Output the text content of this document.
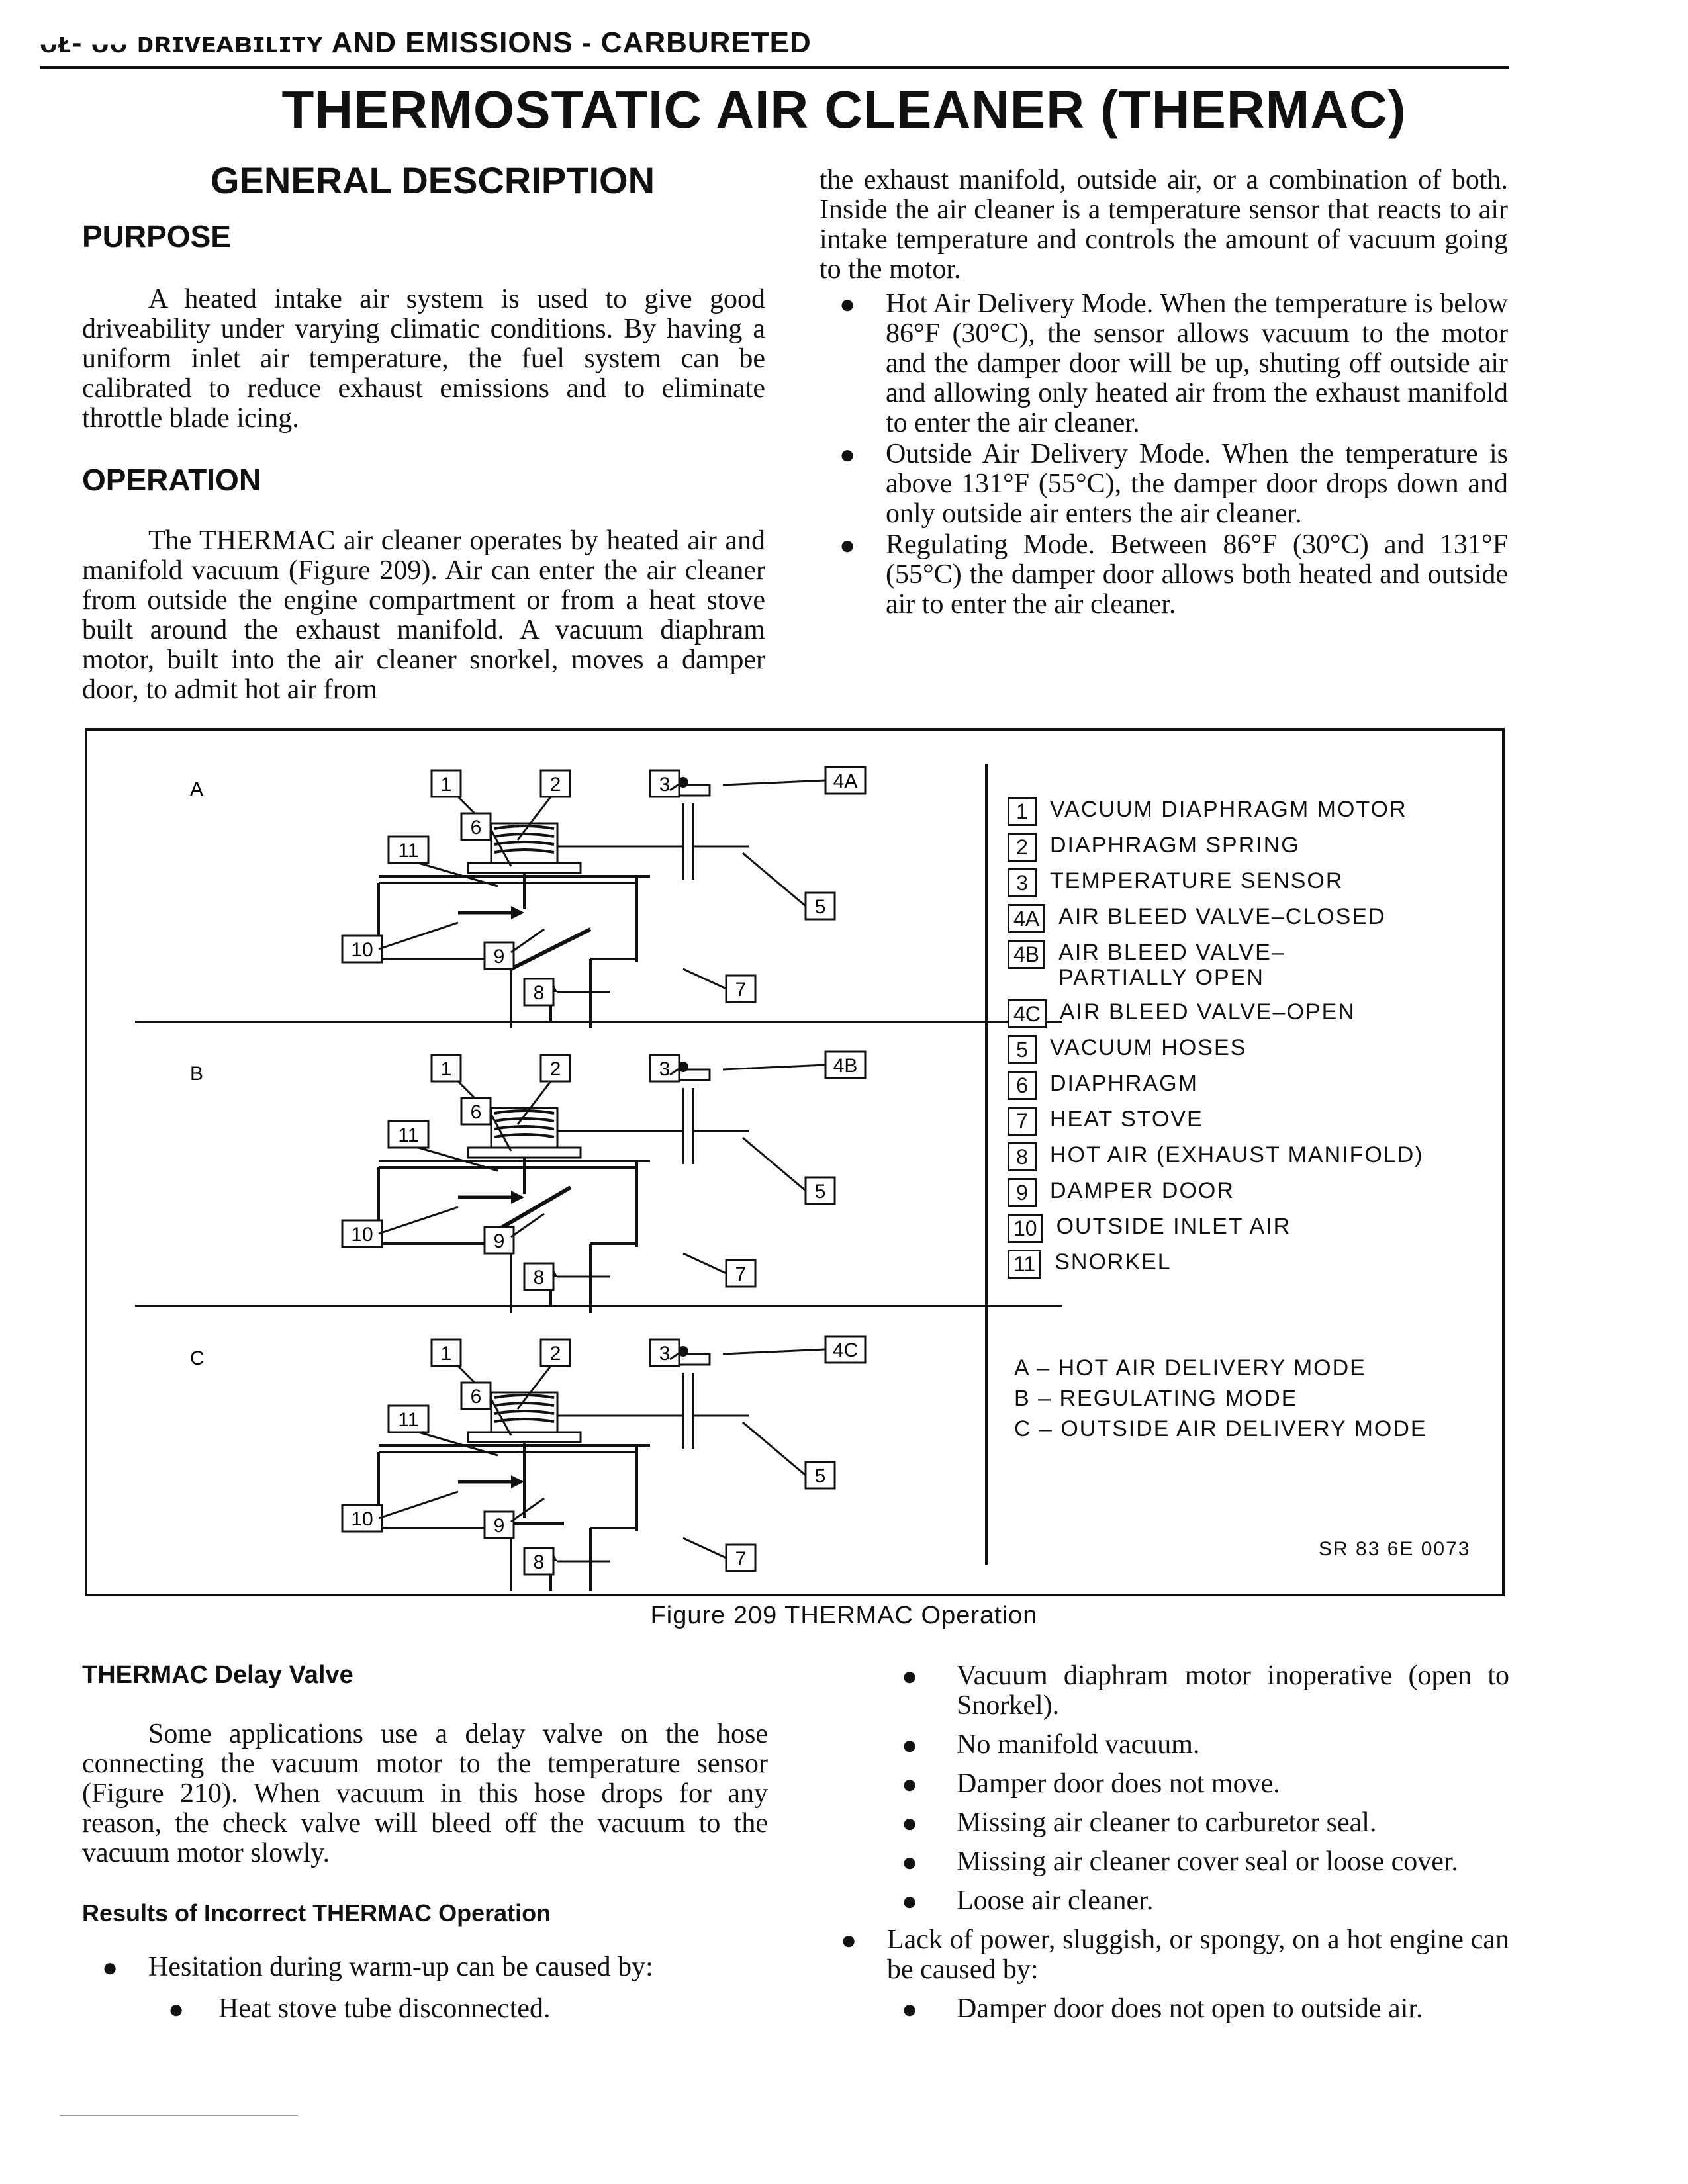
ᴗᴌ- ᴗᴗ ᴅʀɪᴠᴇᴀʙɪʟɪᴛʏ AND EMISSIONS - CARBURETED
THERMOSTATIC AIR CLEANER (THERMAC)
GENERAL DESCRIPTION
PURPOSE

A heated intake air system is used to give good driveability under varying climatic conditions. By having a uniform inlet air temperature, the fuel system can be calibrated to reduce exhaust emissions and to eliminate throttle blade icing.

OPERATION

The THERMAC air cleaner operates by heated air and manifold vacuum (Figure 209). Air can enter the air cleaner from outside the engine compartment or from a heat stove built around the exhaust manifold. A vacuum diaphram motor, built into the air cleaner snorkel, moves a damper door, to admit hot air from

the exhaust manifold, outside air, or a combination of both. Inside the air cleaner is a temperature sensor that reacts to air intake temperature and controls the amount of vacuum going to the motor.

● Hot Air Delivery Mode. When the temperature is below 86°F (30°C), the sensor allows vacuum to the motor and the damper door will be up, shuting off outside air and allowing only heated air from the exhaust manifold to enter the air cleaner.

● Outside Air Delivery Mode. When the temperature is above 131°F (55°C), the damper door drops down and only outside air enters the air cleaner.

● Regulating Mode. Between 86°F (30°C) and 131°F (55°C) the damper door allows both heated and outside air to enter the air cleaner.

A	1	2	3	4A
6
11
5
10	9
8	7
B	1	2	3	4B
6
11
5
10	9
8	7
C	1	2	3	4C
6
11
5
10	9
8	7
1 VACUUM DIAPHRAGM MOTOR
2 DIAPHRAGM SPRING
3 TEMPERATURE SENSOR
4A AIR BLEED VALVE–CLOSED
4B AIR BLEED VALVE–
PARTIALLY OPEN
4C AIR BLEED VALVE–OPEN
5 VACUUM HOSES
6 DIAPHRAGM
7 HEAT STOVE
8 HOT AIR (EXHAUST MANIFOLD)
9 DAMPER DOOR
10 OUTSIDE INLET AIR
11 SNORKEL
A – HOT AIR DELIVERY MODE
B – REGULATING MODE
C – OUTSIDE AIR DELIVERY MODE
SR 83 6E 0073
Figure 209 THERMAC Operation
THERMAC Delay Valve

Some applications use a delay valve on the hose connecting the vacuum motor to the temperature sensor (Figure 210). When vacuum in this hose drops for any reason, the check valve will bleed off the vacuum to the vacuum motor slowly.

Results of Incorrect THERMAC Operation

● Hesitation during warm-up can be caused by:

● Heat stove tube disconnected.

● Vacuum diaphram motor inoperative (open to Snorkel).

● No manifold vacuum.

● Damper door does not move.

● Missing air cleaner to carburetor seal.

● Missing air cleaner cover seal or loose cover.

● Loose air cleaner.

● Lack of power, sluggish, or spongy, on a hot engine can be caused by:

● Damper door does not open to outside air.
